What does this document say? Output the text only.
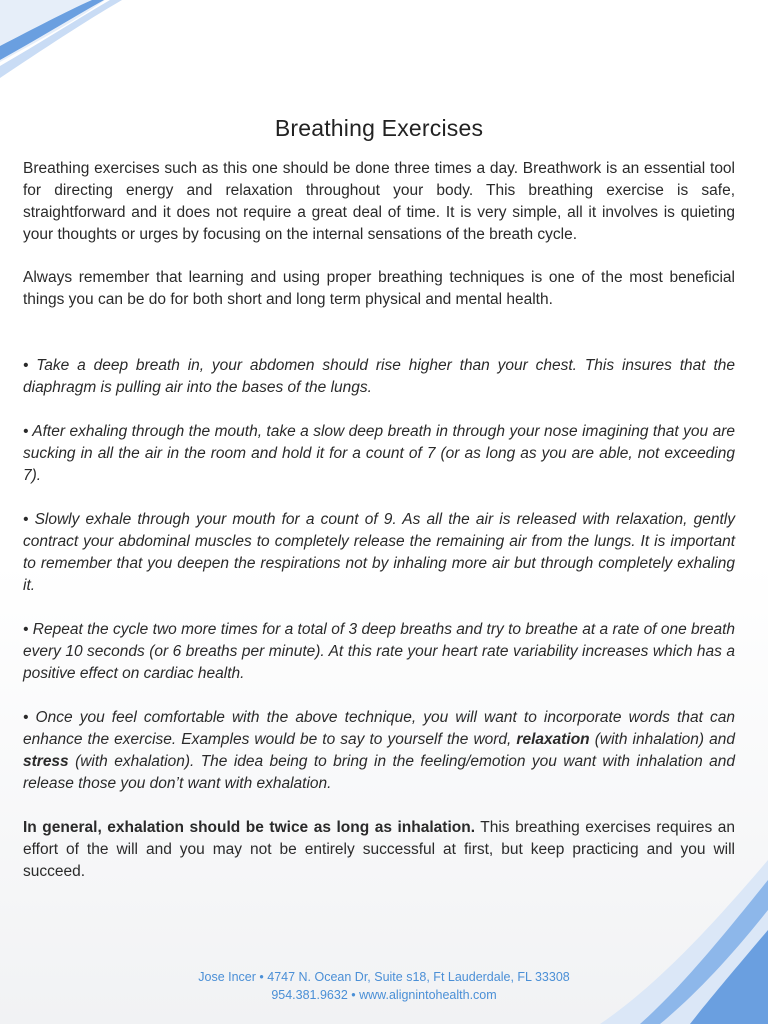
Breathing Exercises

Breathing exercises such as this one should be done three times a day. Breathwork is an essential tool for directing energy and relaxation throughout your body. This breathing exercise is safe, straightforward and it does not require a great deal of time. It is very simple, all it involves is quieting your thoughts or urges by focusing on the internal sensations of the breath cycle.

Always remember that learning and using proper breathing techniques is one of the most beneficial things you can be do for both short and long term physical and mental health.

• Take a deep breath in, your abdomen should rise higher than your chest. This insures that the diaphragm is pulling air into the bases of the lungs.

• After exhaling through the mouth, take a slow deep breath in through your nose imagining that you are sucking in all the air in the room and hold it for a count of 7 (or as long as you are able, not exceeding 7).

• Slowly exhale through your mouth for a count of 9. As all the air is released with relaxation, gently contract your abdominal muscles to completely release the remaining air from the lungs. It is important to remember that you deepen the respirations not by inhaling more air but through completely exhaling it.

• Repeat the cycle two more times for a total of 3 deep breaths and try to breathe at a rate of one breath every 10 seconds (or 6 breaths per minute). At this rate your heart rate variability increases which has a positive effect on cardiac health.

• Once you feel comfortable with the above technique, you will want to incorporate words that can enhance the exercise. Examples would be to say to yourself the word, relaxation (with inhalation) and stress (with exhalation). The idea being to bring in the feeling/emotion you want with inhalation and release those you don’t want with exhalation.

In general, exhalation should be twice as long as inhalation. This breathing exercises requires an effort of the will and you may not be entirely successful at first, but keep practicing and you will succeed.

Jose Incer • 4747 N. Ocean Dr, Suite s18, Ft Lauderdale, FL 33308
954.381.9632 • www.alignintohealth.com
